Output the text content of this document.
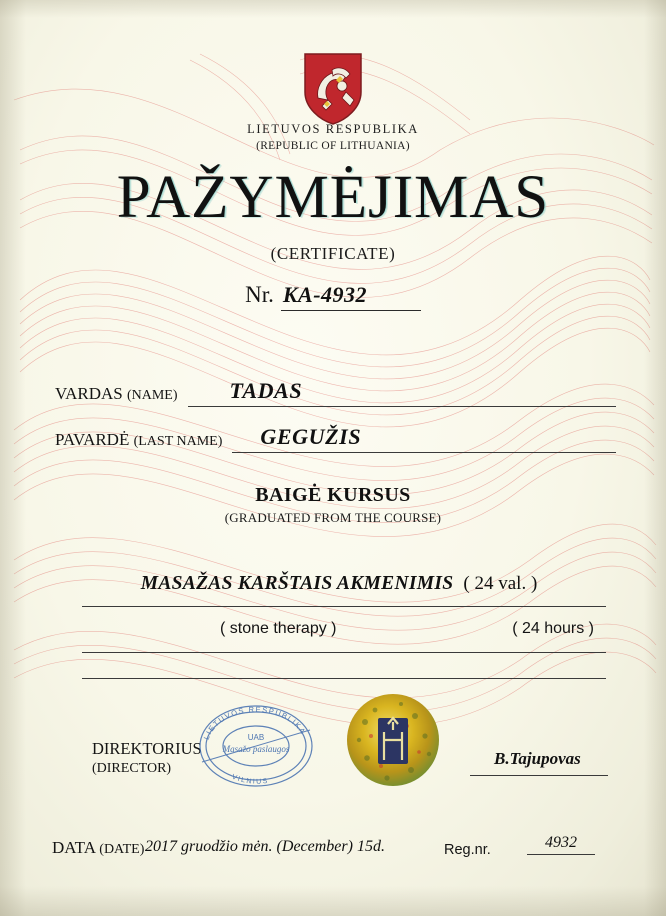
LIETUVOS RESPUBLIKA
(REPUBLIC OF LITHUANIA)
PAŽYMĖJIMAS
(CERTIFICATE)
Nr. KA-4932
VARDAS (NAME)	TADAS
PAVARDĖ (LAST NAME)	GEGUŽIS
BAIGĖ KURSUS
(GRADUATED FROM THE COURSE)
MASAŽAS KARŠTAIS AKMENIMIS ( 24 val. )
( stone therapy )	( 24 hours )
DIREKTORIUS
(DIRECTOR)
LIETUVOS RESPUBLIKA
VILNIUS
UAB
Masažo paslaugos	B.Tajupovas
DATA (DATE) 2017 gruodžio mėn. (December) 15d.	Reg.nr.	4932
